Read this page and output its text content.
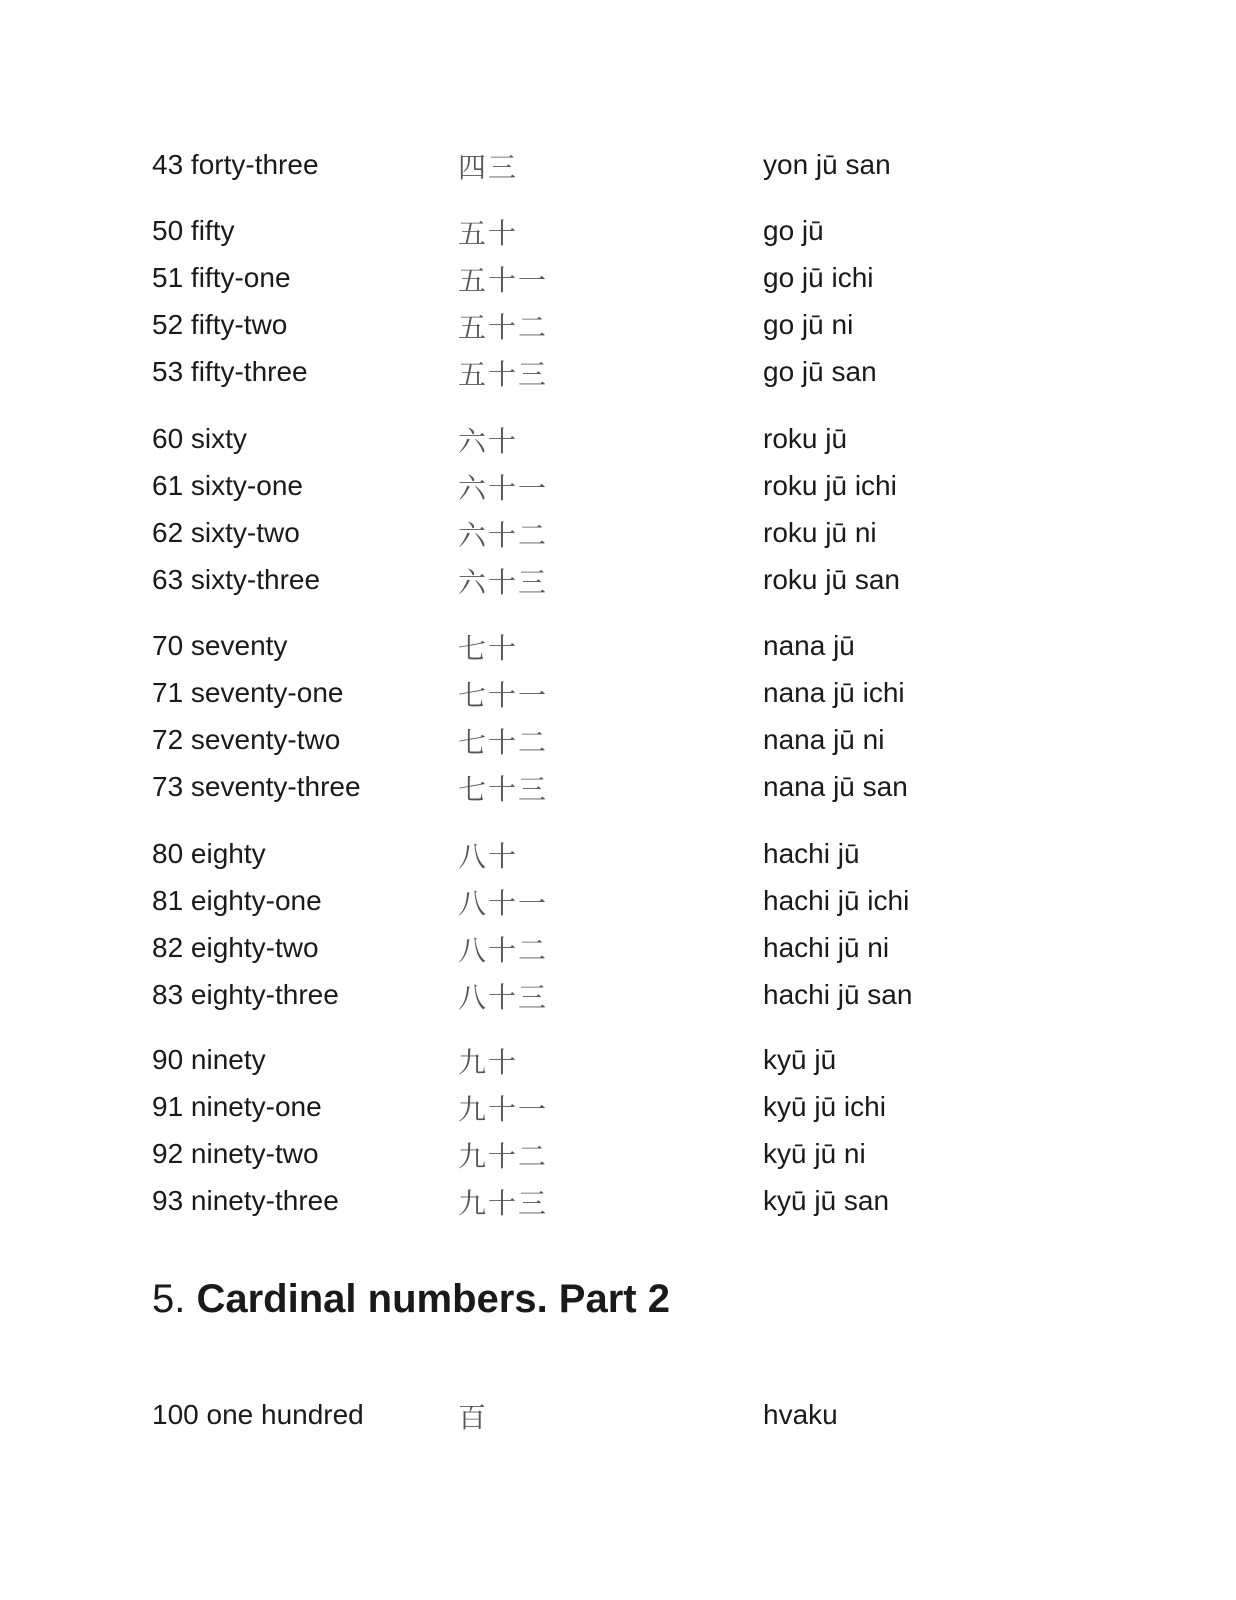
43 forty-three	四三	yon jū san
50 fifty	五十	go jū
51 fifty-one	五十一	go jū ichi
52 fifty-two	五十二	go jū ni
53 fifty-three	五十三	go jū san
60 sixty	六十	roku jū
61 sixty-one	六十一	roku jū ichi
62 sixty-two	六十二	roku jū ni
63 sixty-three	六十三	roku jū san
70 seventy	七十	nana jū
71 seventy-one	七十一	nana jū ichi
72 seventy-two	七十二	nana jū ni
73 seventy-three	七十三	nana jū san
80 eighty	八十	hachi jū
81 eighty-one	八十一	hachi jū ichi
82 eighty-two	八十二	hachi jū ni
83 eighty-three	八十三	hachi jū san
90 ninety	九十	kyū jū
91 ninety-one	九十一	kyū jū ichi
92 ninety-two	九十二	kyū jū ni
93 ninety-three	九十三	kyū jū san
5. Cardinal numbers. Part 2
100 one hundred	百	hvaku
